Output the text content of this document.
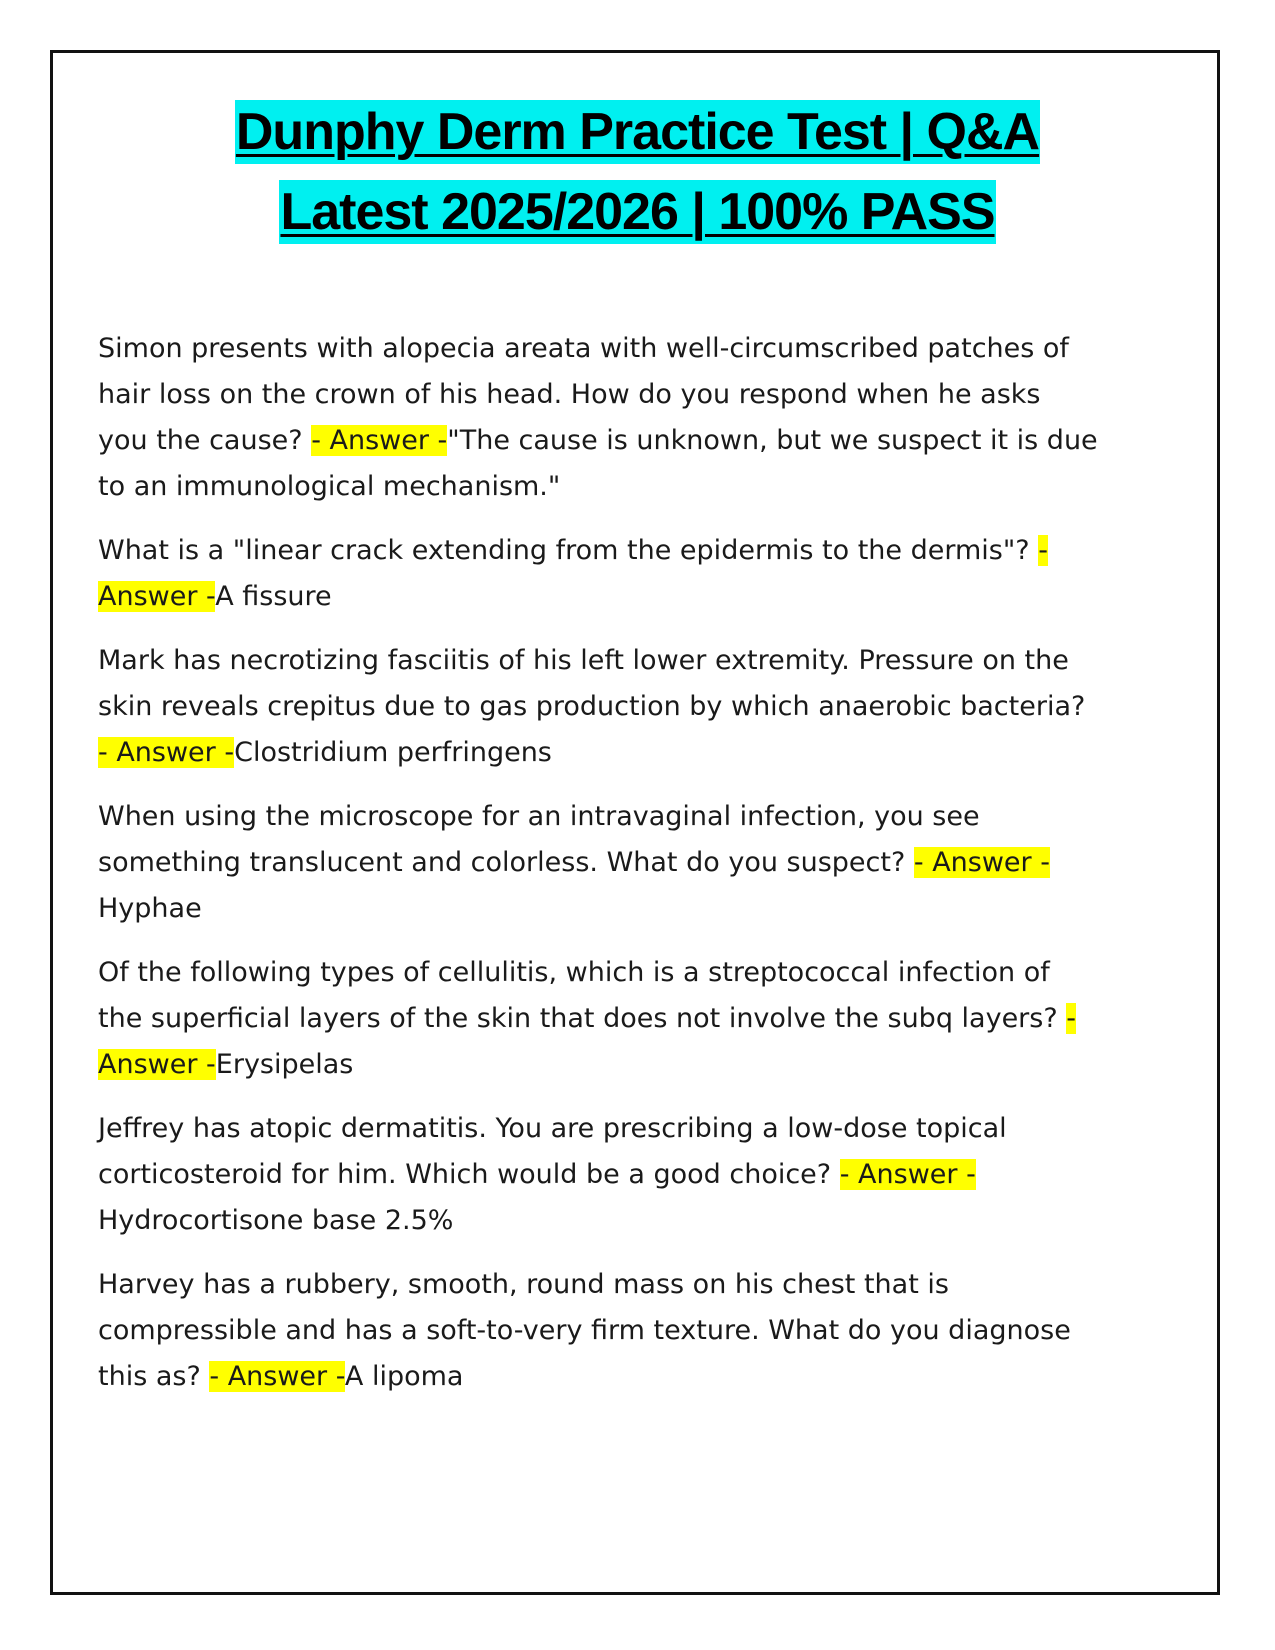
Dunphy Derm Practice Test | Q&A
Latest 2025/2026 | 100% PASS

Simon presents with alopecia areata with well-circumscribed patches of hair loss on the crown of his head. How do you respond when he asks you the cause? - Answer -"The cause is unknown, but we suspect it is due to an immunological mechanism."

What is a "linear crack extending from the epidermis to the dermis"? - Answer -A fissure

Mark has necrotizing fasciitis of his left lower extremity. Pressure on the skin reveals crepitus due to gas production by which anaerobic bacteria? - Answer -Clostridium perfringens

When using the microscope for an intravaginal infection, you see something translucent and colorless. What do you suspect? - Answer -Hyphae

Of the following types of cellulitis, which is a streptococcal infection of the superficial layers of the skin that does not involve the subq layers? - Answer -Erysipelas

Jeffrey has atopic dermatitis. You are prescribing a low-dose topical corticosteroid for him. Which would be a good choice? - Answer -Hydrocortisone base 2.5%

Harvey has a rubbery, smooth, round mass on his chest that is compressible and has a soft-to-very firm texture. What do you diagnose this as? - Answer -A lipoma
